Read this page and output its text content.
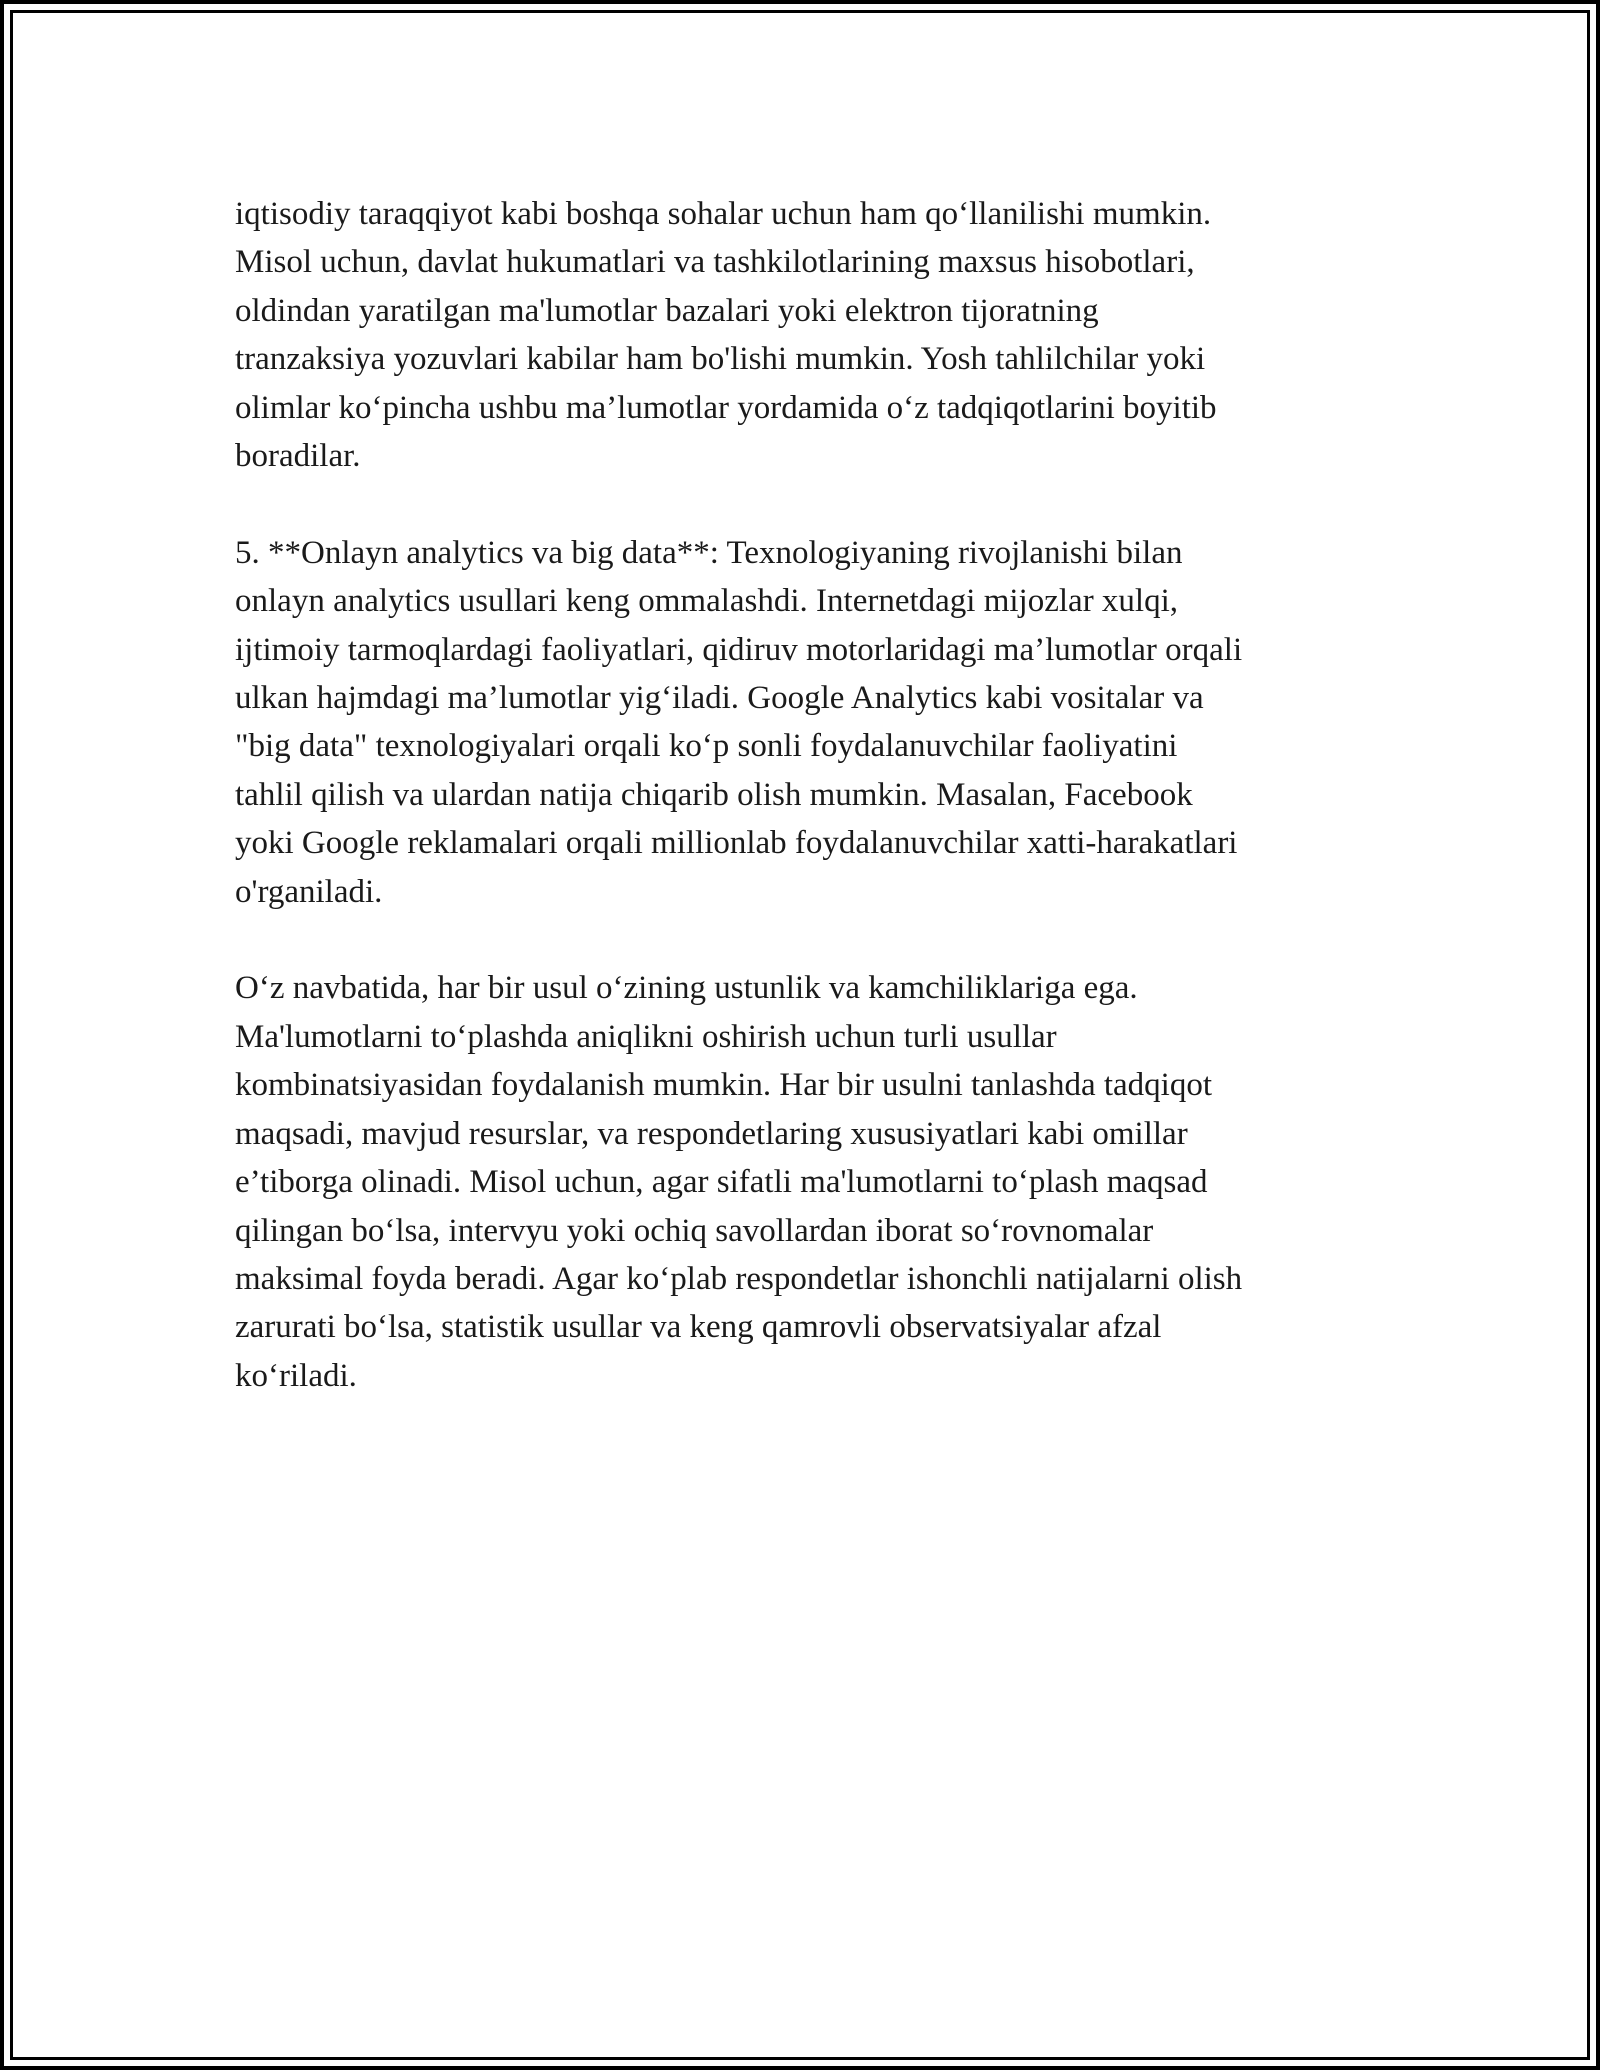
iqtisodiy taraqqiyot kabi boshqa sohalar uchun ham qo‘llanilishi mumkin.
Misol uchun, davlat hukumatlari va tashkilotlarining maxsus hisobotlari,
oldindan yaratilgan ma'lumotlar bazalari yoki elektron tijoratning
tranzaksiya yozuvlari kabilar ham bo'lishi mumkin. Yosh tahlilchilar yoki
olimlar ko‘pincha ushbu ma’lumotlar yordamida o‘z tadqiqotlarini boyitib
boradilar.

5. **Onlayn analytics va big data**: Texnologiyaning rivojlanishi bilan
onlayn analytics usullari keng ommalashdi. Internetdagi mijozlar xulqi,
ijtimoiy tarmoqlardagi faoliyatlari, qidiruv motorlaridagi ma’lumotlar orqali
ulkan hajmdagi ma’lumotlar yig‘iladi. Google Analytics kabi vositalar va
"big data" texnologiyalari orqali ko‘p sonli foydalanuvchilar faoliyatini
tahlil qilish va ulardan natija chiqarib olish mumkin. Masalan, Facebook
yoki Google reklamalari orqali millionlab foydalanuvchilar xatti-harakatlari
o'rganiladi.

O‘z navbatida, har bir usul o‘zining ustunlik va kamchiliklariga ega.
Ma'lumotlarni to‘plashda aniqlikni oshirish uchun turli usullar
kombinatsiyasidan foydalanish mumkin. Har bir usulni tanlashda tadqiqot
maqsadi, mavjud resurslar, va respondetlaring xususiyatlari kabi omillar
e’tiborga olinadi. Misol uchun, agar sifatli ma'lumotlarni to‘plash maqsad
qilingan bo‘lsa, intervyu yoki ochiq savollardan iborat so‘rovnomalar
maksimal foyda beradi. Agar ko‘plab respondetlar ishonchli natijalarni olish
zarurati bo‘lsa, statistik usullar va keng qamrovli observatsiyalar afzal
ko‘riladi.
